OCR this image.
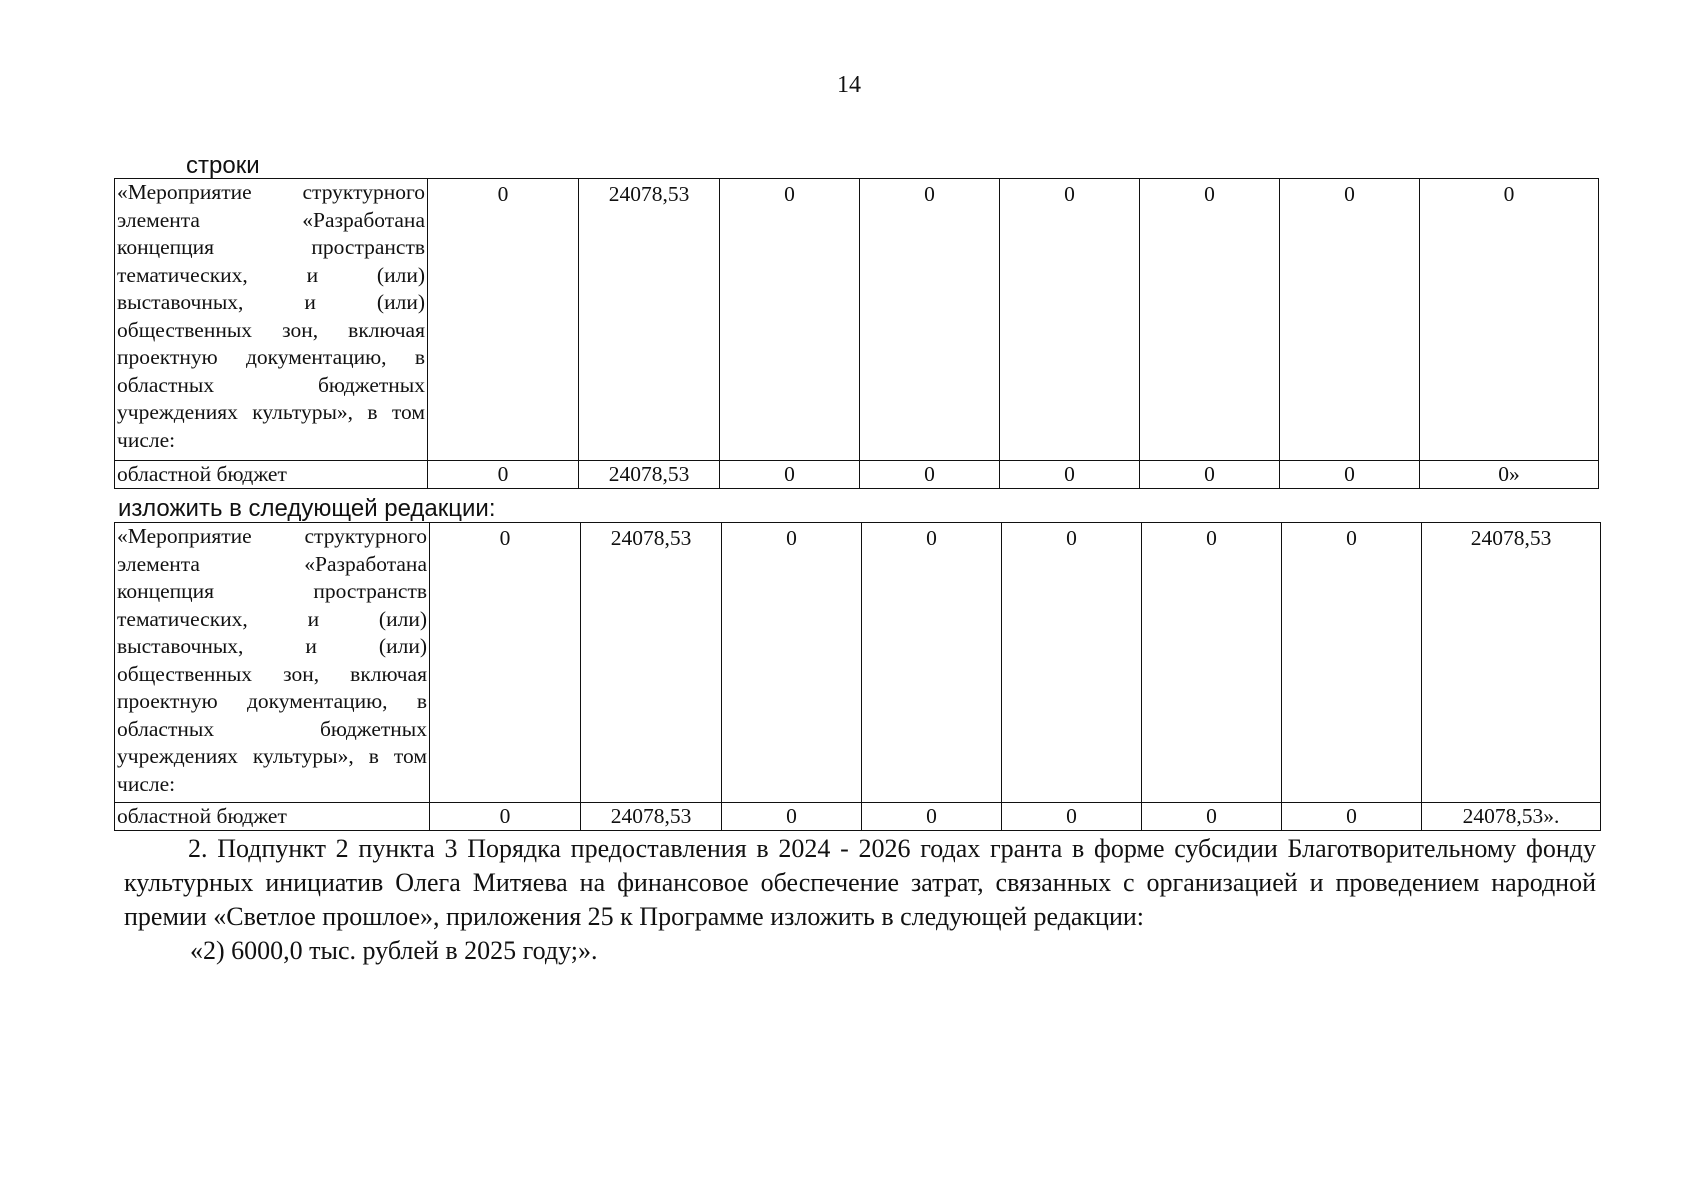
14
строки
«Мероприятие структурного элемента «Разработана концепция пространств тематических, и (или) выставочных, и (или) общественных зон, включая проектную документацию, в областных бюджетных учреждениях культуры», в том числе:	0	24078,53	0	0	0	0	0	0
областной бюджет	0	24078,53	0	0	0	0	0	0»
изложить в следующей редакции:
«Мероприятие структурного элемента «Разработана концепция пространств тематических, и (или) выставочных, и (или) общественных зон, включая проектную документацию, в областных бюджетных учреждениях культуры», в том числе:	0	24078,53	0	0	0	0	0	24078,53
областной бюджет	0	24078,53	0	0	0	0	0	24078,53».

2. Подпункт 2 пункта 3 Порядка предоставления в 2024 - 2026 годах гранта в форме субсидии Благотворительному фонду культурных инициатив Олега Митяева на финансовое обеспечение затрат, связанных с организацией и проведением народной премии «Светлое прошлое», приложения 25 к Программе изложить в следующей редакции:

«2) 6000,0 тыс. рублей в 2025 году;».
